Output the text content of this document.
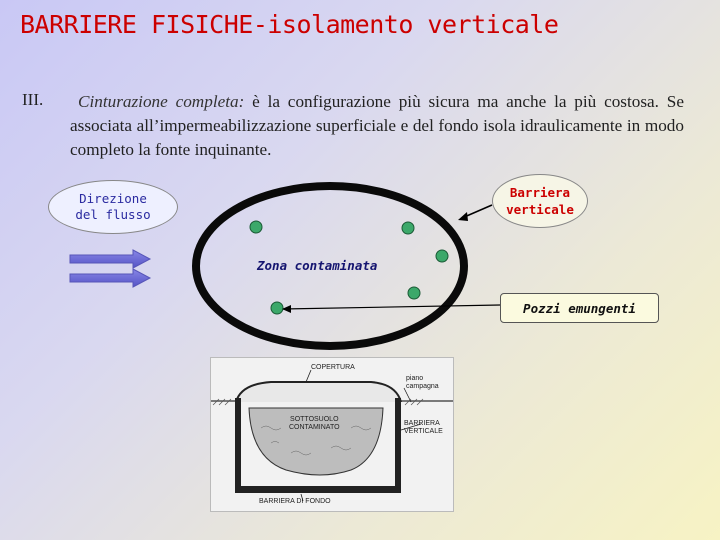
BARRIERE FISICHE-isolamento verticale
III.	Cinturazione completa: è la configurazione più sicura ma anche la più costosa. Se associata all’impermeabilizzazione superficiale e del fondo isola idraulicamente in modo completo la fonte inquinante.
Direzione
del flusso
Barriera
verticale
Zona contaminata
Pozzi emungenti
COPERTURA
piano
campagna
SOTTOSUOLO
CONTAMINATO
BARRIERA
VERTICALE
BARRIERA DI FONDO
